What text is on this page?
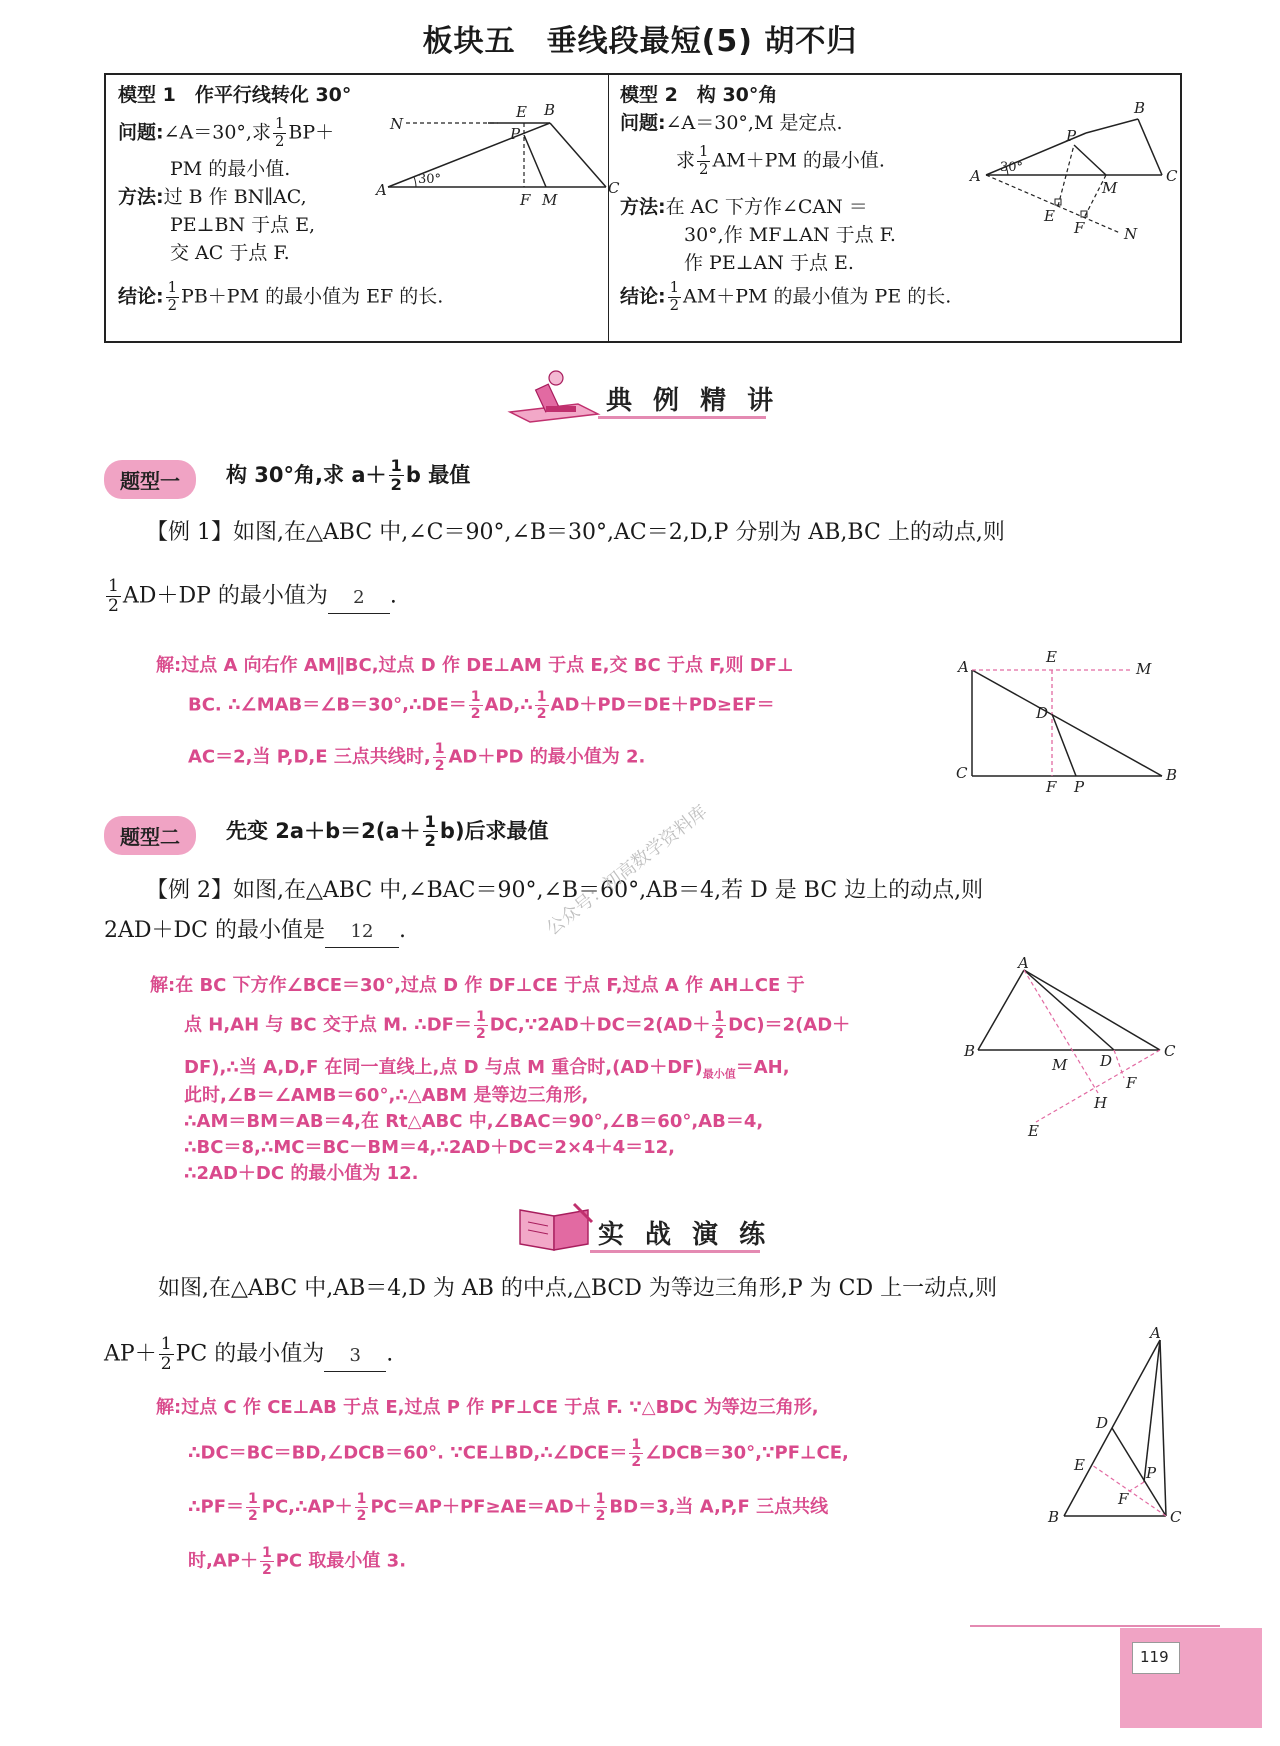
板块五　垂线段最短(5) 胡不归
模型 1　作平行线转化 30°
问题:∠A＝30°,求 $\frac{1}{2} BP+$
PM 的最小值.
方法:过 B 作 BN∥AC,
PE⊥BN 于点 E,
交 AC 于点 F.
结论: $\frac{1}{2} PB+PM$ 的最小值为 EF 的长.
N
E B
P
A
30°
F M
C
模型 2　构 30°角
问题:∠A＝30°,M 是定点.
求 $\frac{1}{2} AM+PM$ 的最小值.
方法:在 AC 下方作∠CAN ＝
30°,作 MF⊥AN 于点 F.
作 PE⊥AN 于点 E.
结论: $\frac{1}{2} AM+PM$ 的最小值为 PE 的长.
P
B
A 30°
M
C
E
F	N
典 例 精 讲
题型一	构 30°角,求 $a+ \frac{1}{2}$ b 最值
【例 1】如图,在△ABC 中,∠C＝90°,∠B＝30°,AC＝2,D,P 分别为 AB,BC 上的动点,则
$\frac{1}{2} AD+DP$ 的最小值为 2 .
解:过点 A 向右作 AM∥BC,过点 D 作 DE⊥AM 于点 E,交 BC 于点 F,则 DF⊥
BC. ∴∠MAB＝∠B＝30°,∴DE＝ $\frac{1}{2}$ AD,∴ $\frac{1}{2} AD+PD=DE+PD\ge EF=$
AC＝2,当 P,D,E 三点共线时, $\frac{1}{2} AD+PD$ 的最小值为 2.
A
E
M
D
C
F P
B
题型二	先变 $2a+b=2(a+ \frac{1}{2} b)$后求最值
【例 2】如图,在△ABC 中,∠BAC＝90°,∠B＝60°,AB＝4,若 D 是 BC 边上的动点,则
2AD＋DC 的最小值是 12 .
解:在 BC 下方作∠BCE＝30°,过点 D 作 DF⊥CE 于点 F,过点 A 作 AH⊥CE 于
点 H,AH 与 BC 交于点 M. ∴DF＝ $\frac{1}{2}$ DC,∵2AD＋DC＝2(AD＋ $\frac{1}{2} DC)=2(AD+$
DF),∴当 A,D,F 在同一直线上,点 D 与点 M 重合时$,(AD+DF)_{最小值}=AH$,
此时,∠B＝∠AMB＝60°,∴△ABM 是等边三角形,
∴AM＝BM＝AB＝4,在 Rt△ABC 中,∠BAC＝90°,∠B＝60°,AB＝4,
∴BC＝8,∴MC＝BC－BM＝4,∴2AD＋DC＝2×4＋4＝12,
∴2AD＋DC 的最小值为 12.
A
B
M D
C
F
H
E
实 战 演 练
如图,在△ABC 中,AB＝4,D 为 AB 的中点,△BCD 为等边三角形,P 为 CD 上一动点,则
$AP+ \frac{1}{2}$ PC 的最小值为 3 .
解:过点 C 作 CE⊥AB 于点 E,过点 P 作 PF⊥CE 于点 F. ∵△BDC 为等边三角形,
∴DC＝BC＝BD,∠DCB＝60°. ∵CE⊥BD,∴∠DCE＝ $\frac{1}{2}$ ∠DCB＝30°,∵PF⊥CE,
∴PF＝ $\frac{1}{2}$ PC,∴AP＋ $\frac{1}{2} PC=AP+PF\ge AE=AD+ \frac{1}{2} BD=3$,当 A,P,F 三点共线
时$,AP+ \frac{1}{2}$ PC 取最小值 3.
A
D
E	P
B
F
C
公众号：初高数学资料库
119
